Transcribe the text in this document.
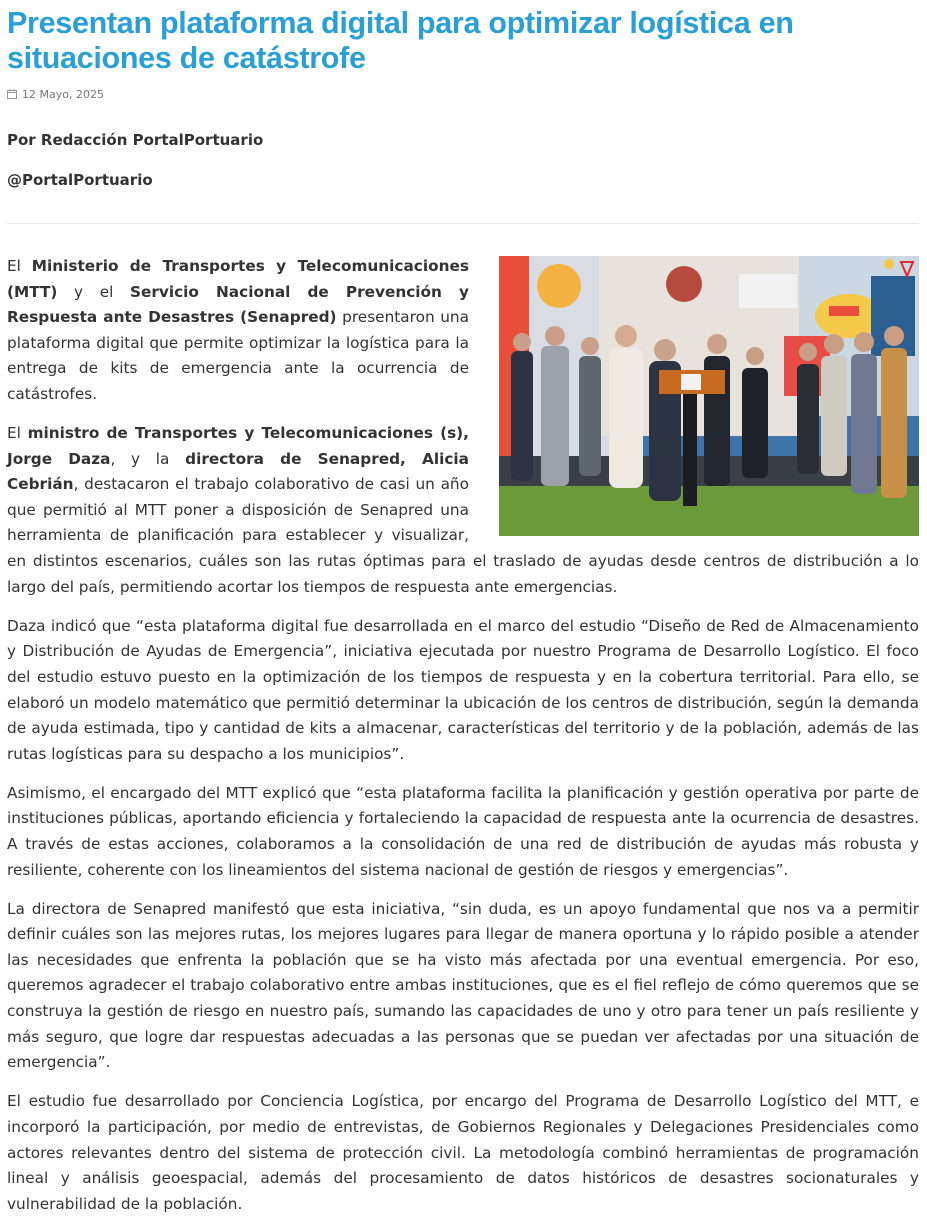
Presentan plataforma digital para optimizar logística en situaciones de catástrofe
12 Mayo, 2025
Por Redacción PortalPortuario
@PortalPortuario

El Ministerio de Transportes y Telecomunicaciones (MTT) y el Servicio Nacional de Prevención y Respuesta ante Desastres (Senapred) presentaron una plataforma digital que permite optimizar la logística para la entrega de kits de emergencia ante la ocurrencia de catástrofes.

El ministro de Transportes y Telecomunicaciones (s), Jorge Daza, y la directora de Senapred, Alicia Cebrián, destacaron el trabajo colaborativo de casi un año que permitió al MTT poner a disposición de Senapred una herramienta de planificación para establecer y visualizar, en distintos escenarios, cuáles son las rutas óptimas para el traslado de ayudas desde centros de distribución a lo largo del país, permitiendo acortar los tiempos de respuesta ante emergencias.

Daza indicó que “esta plataforma digital fue desarrollada en el marco del estudio “Diseño de Red de Almacenamiento y Distribución de Ayudas de Emergencia”, iniciativa ejecutada por nuestro Programa de Desarrollo Logístico. El foco del estudio estuvo puesto en la optimización de los tiempos de respuesta y en la cobertura territorial. Para ello, se elaboró un modelo matemático que permitió determinar la ubicación de los centros de distribución, según la demanda de ayuda estimada, tipo y cantidad de kits a almacenar, características del territorio y de la población, además de las rutas logísticas para su despacho a los municipios”.

Asimismo, el encargado del MTT explicó que “esta plataforma facilita la planificación y gestión operativa por parte de instituciones públicas, aportando eficiencia y fortaleciendo la capacidad de respuesta ante la ocurrencia de desastres. A través de estas acciones, colaboramos a la consolidación de una red de distribución de ayudas más robusta y resiliente, coherente con los lineamientos del sistema nacional de gestión de riesgos y emergencias”.

La directora de Senapred manifestó que esta iniciativa, “sin duda, es un apoyo fundamental que nos va a permitir definir cuáles son las mejores rutas, los mejores lugares para llegar de manera oportuna y lo rápido posible a atender las necesidades que enfrenta la población que se ha visto más afectada por una eventual emergencia. Por eso, queremos agradecer el trabajo colaborativo entre ambas instituciones, que es el fiel reflejo de cómo queremos que se construya la gestión de riesgo en nuestro país, sumando las capacidades de uno y otro para tener un país resiliente y más seguro, que logre dar respuestas adecuadas a las personas que se puedan ver afectadas por una situación de emergencia”.

El estudio fue desarrollado por Conciencia Logística, por encargo del Programa de Desarrollo Logístico del MTT, e incorporó la participación, por medio de entrevistas, de Gobiernos Regionales y Delegaciones Presidenciales como actores relevantes dentro del sistema de protección civil. La metodología combinó herramientas de programación lineal y análisis geoespacial, además del procesamiento de datos históricos de desastres socionaturales y vulnerabilidad de la población.
